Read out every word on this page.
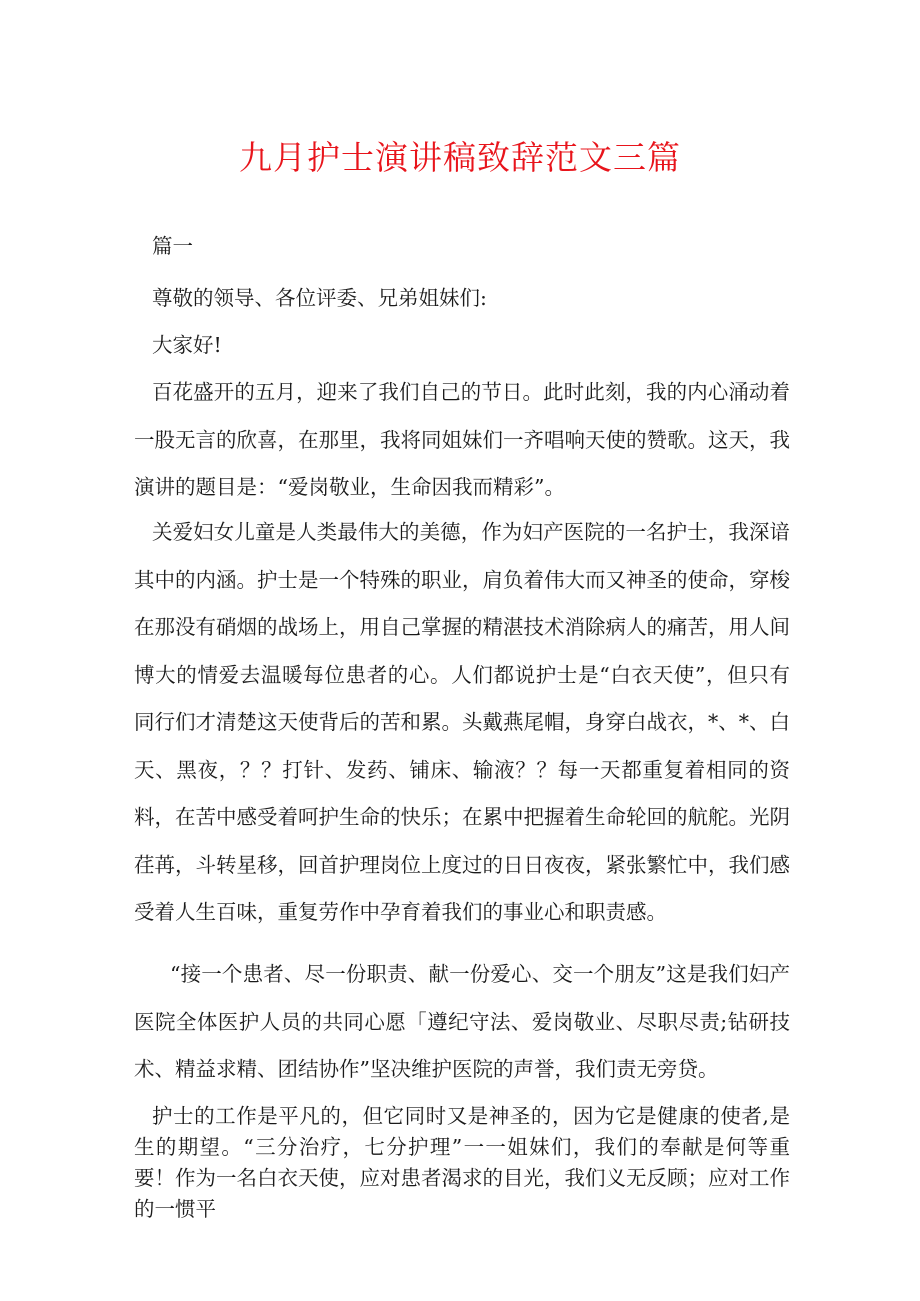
九月护士演讲稿致辞范文三篇
篇一
尊敬的领导、各位评委、兄弟姐妹们:
大家好!
百花盛开的五月，迎来了我们自己的节日。此时此刻，我的内心涌动着一股无言的欣喜，在那里，我将同姐妹们一齐唱响天使的赞歌。这天，我演讲的题目是：“爱岗敬业，生命因我而精彩”。
关爱妇女儿童是人类最伟大的美德，作为妇产医院的一名护士，我深谙其中的内涵。护士是一个特殊的职业，肩负着伟大而又神圣的使命，穿梭在那没有硝烟的战场上，用自己掌握的精湛技术消除病人的痛苦，用人间博大的情爱去温暖每位患者的心。人们都说护士是“白衣天使”，但只有同行们才清楚这天使背后的苦和累。头戴燕尾帽，身穿白战衣，*、*、白天、黑夜，？？打针、发药、铺床、输液？？每一天都重复着相同的资料，在苦中感受着呵护生命的快乐；在累中把握着生命轮回的航舵。光阴荏苒，斗转星移，回首护理岗位上度过的日日夜夜，紧张繁忙中，我们感受着人生百味，重复劳作中孕育着我们的事业心和职责感。
“接一个患者、尽一份职责、献一份爱心、交一个朋友”这是我们妇产医院全体医护人员的共同心愿「遵纪守法、爱岗敬业、尽职尽责;钻研技术、精益求精、团结协作”坚决维护医院的声誉，我们责无旁贷。
护士的工作是平凡的，但它同时又是神圣的，因为它是健康的使者,是生的期望。“三分治疗，七分护理”一一姐妹们，我们的奉献是何等重要！作为一名白衣天使，应对患者渴求的目光，我们义无反顾；应对工作的一惯平
